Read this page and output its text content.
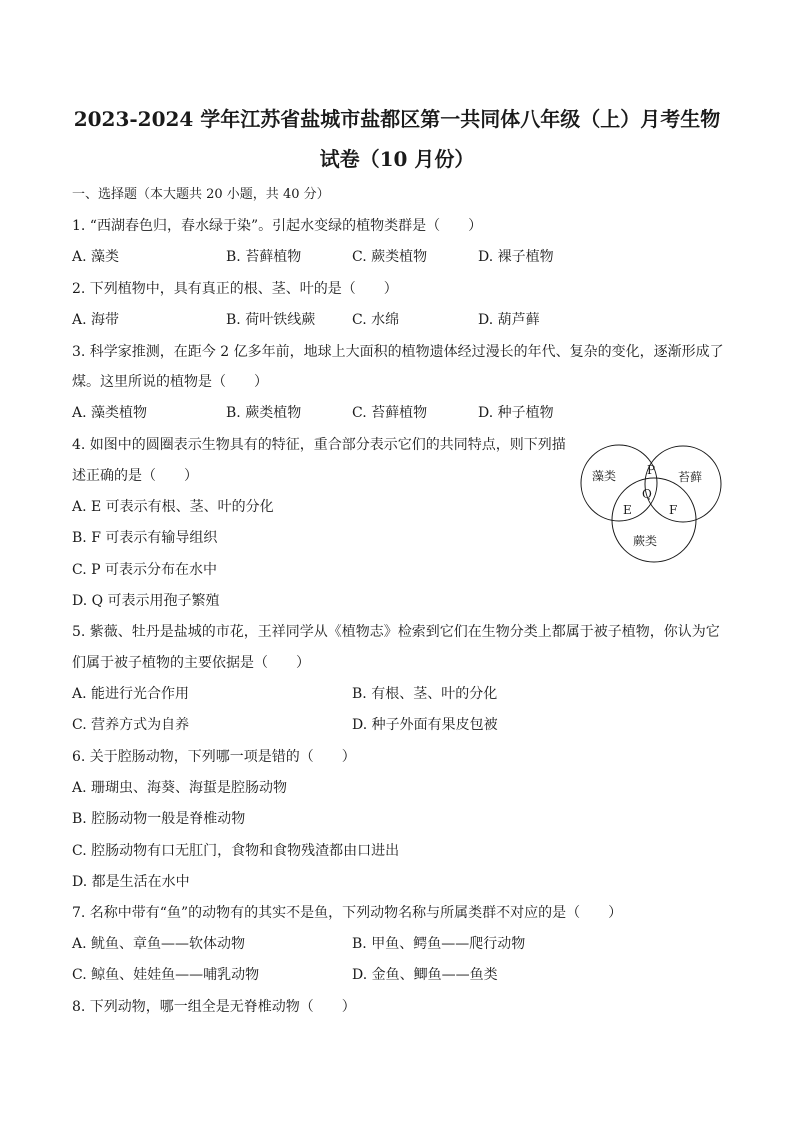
2023-2024 学年江苏省盐城市盐都区第一共同体八年级（上）月考生物
试卷（10 月份）
一、选择题（本大题共 20 小题，共 40 分）
1. “西湖春色归，春水绿于染”。引起水变绿的植物类群是（　　）
A. 藻类	B. 苔藓植物	C. 蕨类植物	D. 裸子植物
2. 下列植物中，具有真正的根、茎、叶的是（　　）
A. 海带	B. 荷叶铁线蕨	C. 水绵	D. 葫芦藓
3. 科学家推测，在距今 2 亿多年前，地球上大面积的植物遗体经过漫长的年代、复杂的变化，逐渐形成了
煤。这里所说的植物是（　　）
A. 藻类植物	B. 蕨类植物	C. 苔藓植物	D. 种子植物
4. 如图中的圆圈表示生物具有的特征，重合部分表示它们的共同特点，则下列描
述正确的是（　　）
A. E 可表示有根、茎、叶的分化
B. F 可表示有输导组织
C. P 可表示分布在水中
D. Q 可表示用孢子繁殖
藻类	苔藓
蕨类
P
Q
E	F
5. 紫薇、牡丹是盐城的市花，王祥同学从《植物志》检索到它们在生物分类上都属于被子植物，你认为它
们属于被子植物的主要依据是（　　）
A. 能进行光合作用	B. 有根、茎、叶的分化
C. 营养方式为自养	D. 种子外面有果皮包被
6. 关于腔肠动物，下列哪一项是错的（　　）
A. 珊瑚虫、海葵、海蜇是腔肠动物
B. 腔肠动物一般是脊椎动物
C. 腔肠动物有口无肛门，食物和食物残渣都由口进出
D. 都是生活在水中
7. 名称中带有“鱼”的动物有的其实不是鱼，下列动物名称与所属类群不对应的是（　　）
A. 鱿鱼、章鱼——软体动物	B. 甲鱼、鳄鱼——爬行动物
C. 鲸鱼、娃娃鱼——哺乳动物	D. 金鱼、鲫鱼——鱼类
8. 下列动物，哪一组全是无脊椎动物（　　）
